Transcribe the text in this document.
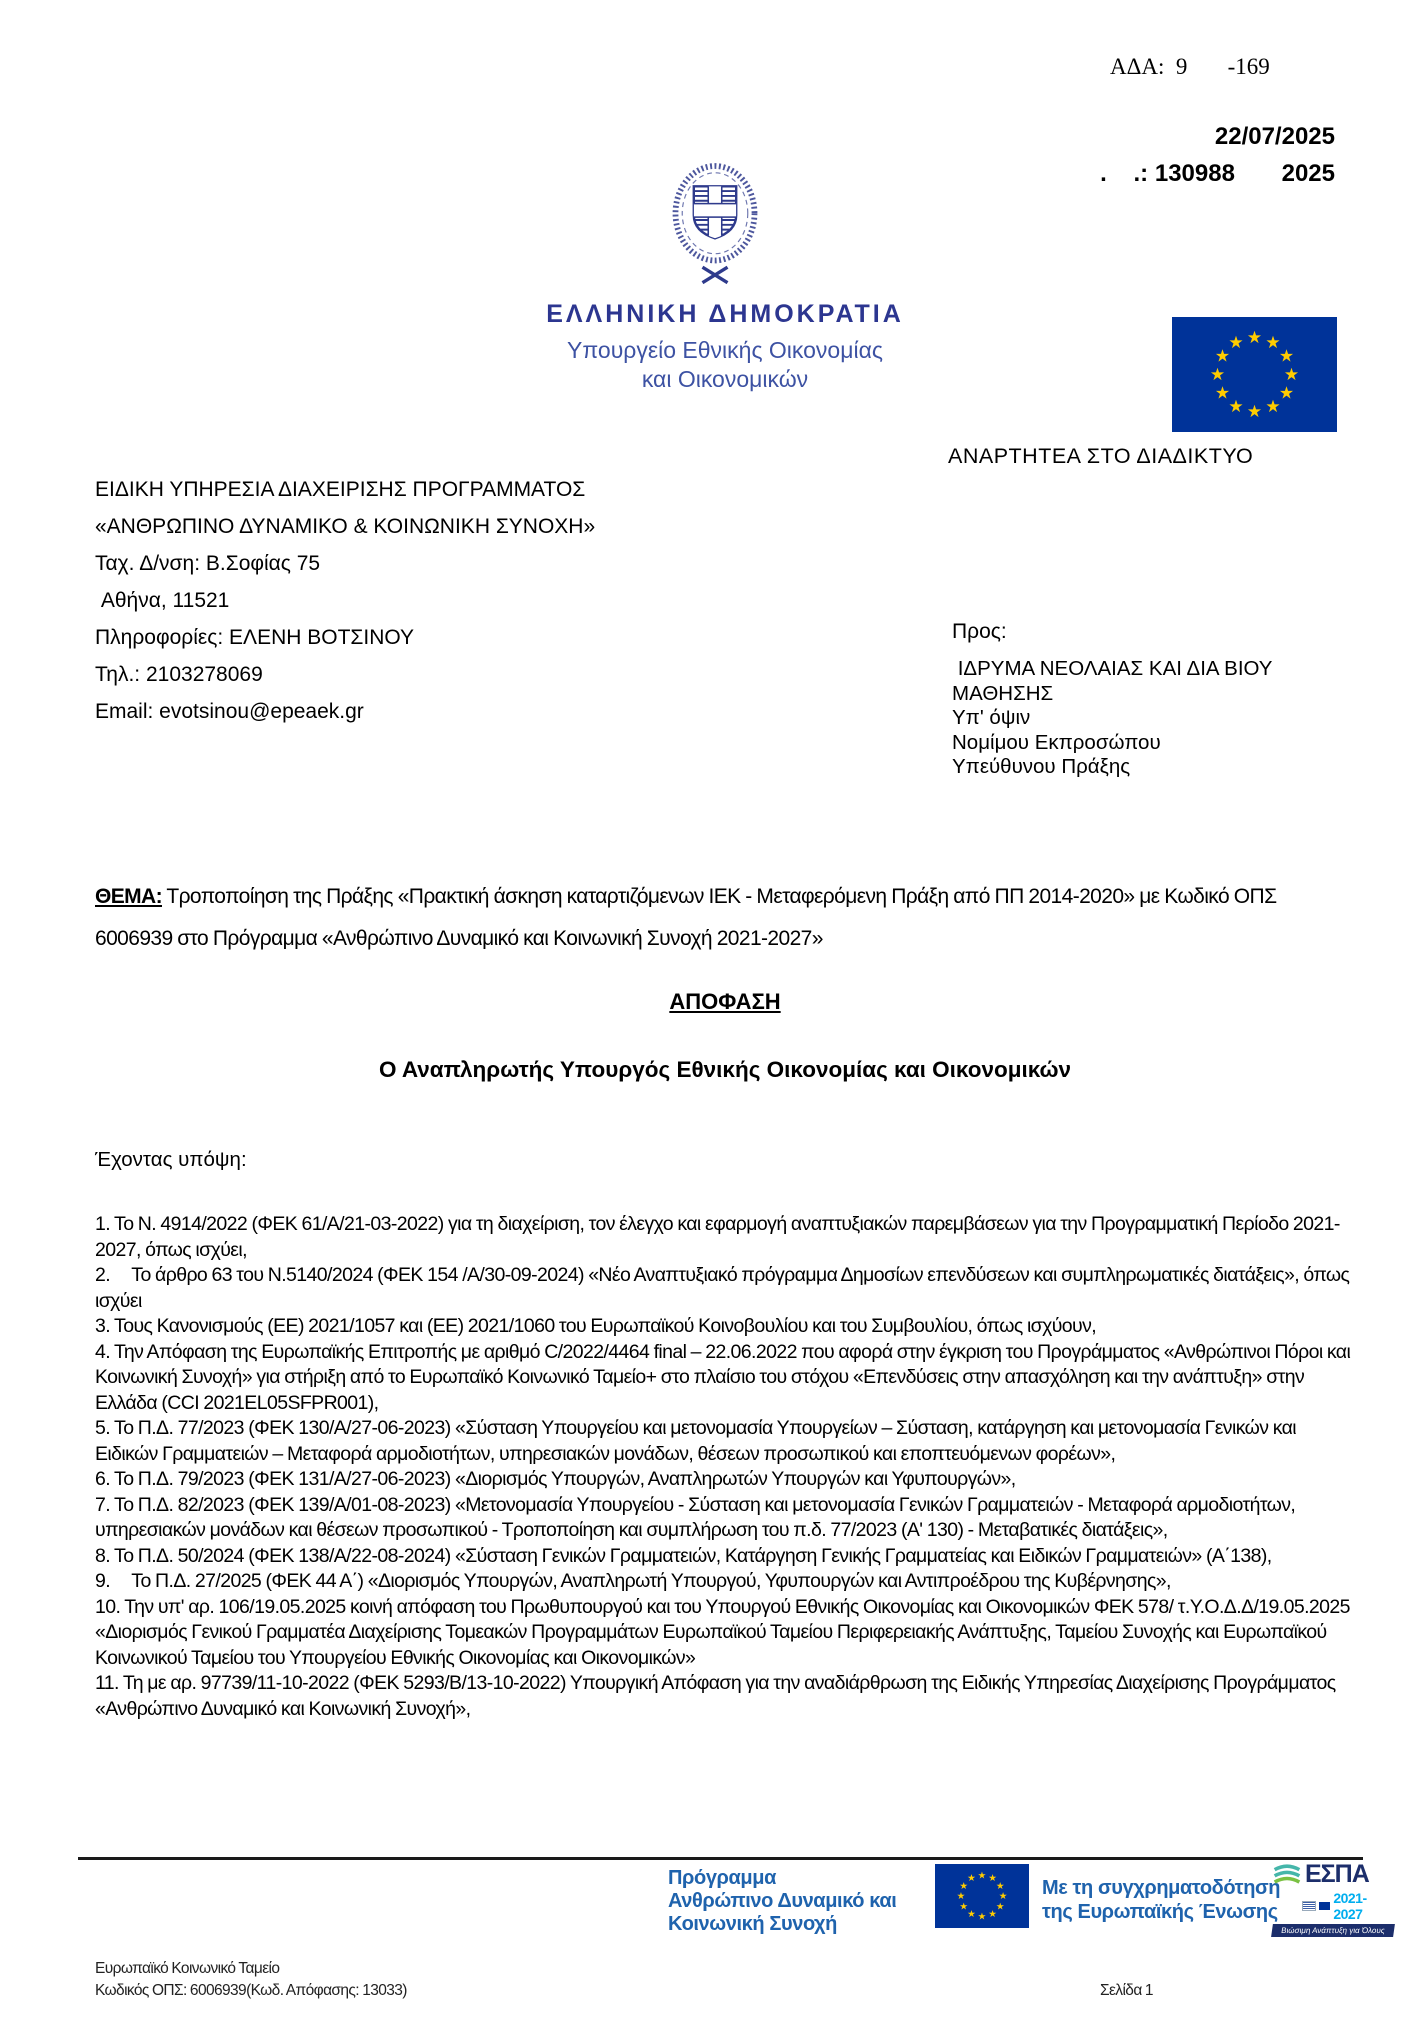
ΑΔΑ:  9       -169
22/07/2025
.    .: 130988       2025
ΕΛΛΗΝΙΚΗ ΔΗΜΟΚΡΑΤΙΑ
Υπουργείο Εθνικής Οικονομίας
και Οικονομικών
ΑΝΑΡΤΗΤΕΑ ΣΤΟ ΔΙΑΔΙΚΤΥΟ
ΕΙΔΙΚΗ ΥΠΗΡΕΣΙΑ ΔΙΑΧΕΙΡΙΣΗΣ ΠΡΟΓΡΑΜΜΑΤΟΣ
«ΑΝΘΡΩΠΙΝΟ ΔΥΝΑΜΙΚΟ & ΚΟΙΝΩΝΙΚΗ ΣΥΝΟΧΗ»
Ταχ. Δ/νση: Β.Σοφίας 75
Αθήνα, 11521
Πληροφορίες: ΕΛΕΝΗ ΒΟΤΣΙΝΟΥ
Τηλ.: 2103278069
Email: evotsinou@epeaek.gr
Προς:
ΙΔΡΥΜΑ ΝΕΟΛΑΙΑΣ ΚΑΙ ΔΙΑ ΒΙΟΥ ΜΑΘΗΣΗΣ
Υπ' όψιν
Νομίμου Εκπροσώπου
Υπεύθυνου Πράξης
ΘΕΜΑ: Τροποποίηση της Πράξης «Πρακτική άσκηση καταρτιζόμενων ΙΕΚ - Μεταφερόμενη Πράξη από ΠΠ 2014-2020» με Κωδικό ΟΠΣ 6006939 στο Πρόγραμμα «Ανθρώπινο Δυναμικό και Κοινωνική Συνοχή 2021-2027»
ΑΠΟΦΑΣΗ
Ο Αναπληρωτής Υπουργός Εθνικής Οικονομίας και Οικονομικών
Έχοντας υπόψη:
1. Το Ν. 4914/2022 (ΦΕΚ 61/Α/21-03-2022) για τη διαχείριση, τον έλεγχο και εφαρμογή αναπτυξιακών παρεμβάσεων για την Προγραμματική Περίοδο 2021-2027, όπως ισχύει,
2.     Το άρθρο 63 του Ν.5140/2024 (ΦΕΚ 154 /Α/30-09-2024) «Νέο Αναπτυξιακό πρόγραμμα Δημοσίων επενδύσεων και συμπληρωματικές διατάξεις», όπως ισχύει
3. Τους Κανονισμούς (ΕΕ) 2021/1057 και (ΕΕ) 2021/1060 του Ευρωπαϊκού Κοινοβουλίου και του Συμβουλίου, όπως ισχύουν,
4. Την Απόφαση της Ευρωπαϊκής Επιτροπής με αριθμό C/2022/4464 final – 22.06.2022 που αφορά στην έγκριση του Προγράμματος «Ανθρώπινοι Πόροι και Κοινωνική Συνοχή» για στήριξη από το Ευρωπαϊκό Κοινωνικό Ταμείο+ στο πλαίσιο του στόχου «Επενδύσεις στην απασχόληση και την ανάπτυξη» στην Ελλάδα (CCI 2021EL05SFPR001),
5. Το Π.Δ. 77/2023 (ΦΕΚ 130/Α/27-06-2023) «Σύσταση Υπουργείου και μετονομασία Υπουργείων – Σύσταση, κατάργηση και μετονομασία Γενικών και Ειδικών Γραμματειών – Μεταφορά αρμοδιοτήτων, υπηρεσιακών μονάδων, θέσεων προσωπικού και εποπτευόμενων φορέων»,
6. Το Π.Δ. 79/2023 (ΦΕΚ 131/Α/27-06-2023) «Διορισμός Υπουργών, Αναπληρωτών Υπουργών και Υφυπουργών»,
7. Το Π.Δ. 82/2023 (ΦΕΚ 139/Α/01-08-2023) «Μετονομασία Υπουργείου - Σύσταση και μετονομασία Γενικών Γραμματειών - Μεταφορά αρμοδιοτήτων, υπηρεσιακών μονάδων και θέσεων προσωπικού - Τροποποίηση και συμπλήρωση του π.δ. 77/2023 (Α' 130) - Μεταβατικές διατάξεις»,
8. Το Π.Δ. 50/2024 (ΦΕΚ 138/Α/22-08-2024) «Σύσταση Γενικών Γραμματειών, Κατάργηση Γενικής Γραμματείας και Ειδικών Γραμματειών» (Α΄138),
9.     Το Π.Δ. 27/2025 (ΦΕΚ 44 Α΄) «Διορισμός Υπουργών, Αναπληρωτή Υπουργού, Υφυπουργών και Αντιπροέδρου της Κυβέρνησης»,
10. Την υπ' αρ. 106/19.05.2025 κοινή απόφαση του Πρωθυπουργού και του Υπουργού Εθνικής Οικονομίας και Οικονομικών ΦΕΚ 578/ τ.Υ.Ο.Δ.Δ/19.05.2025 «Διορισμός Γενικού Γραμματέα Διαχείρισης Τομεακών Προγραμμάτων Ευρωπαϊκού Ταμείου Περιφερειακής Ανάπτυξης, Ταμείου Συνοχής και Ευρωπαϊκού Κοινωνικού Ταμείου του Υπουργείου Εθνικής Οικονομίας και Οικονομικών»
11. Τη με αρ. 97739/11-10-2022 (ΦΕΚ 5293/Β/13-10-2022) Υπουργική Απόφαση για την αναδιάρθρωση της Ειδικής Υπηρεσίας Διαχείρισης Προγράμματος «Ανθρώπινο Δυναμικό και Κοινωνική Συνοχή»,
Πρόγραμμα
Ανθρώπινο Δυναμικό και
Κοινωνική Συνοχή
Με τη συγχρηματοδότηση
της Ευρωπαϊκής Ένωσης
ΕΣΠΑ
2021-2027
Βιώσιμη Ανάπτυξη για Όλους
Ευρωπαϊκό Κοινωνικό Ταμείο
Κωδικός ΟΠΣ: 6006939(Κωδ. Απόφασης: 13033)	Σελίδα 1
